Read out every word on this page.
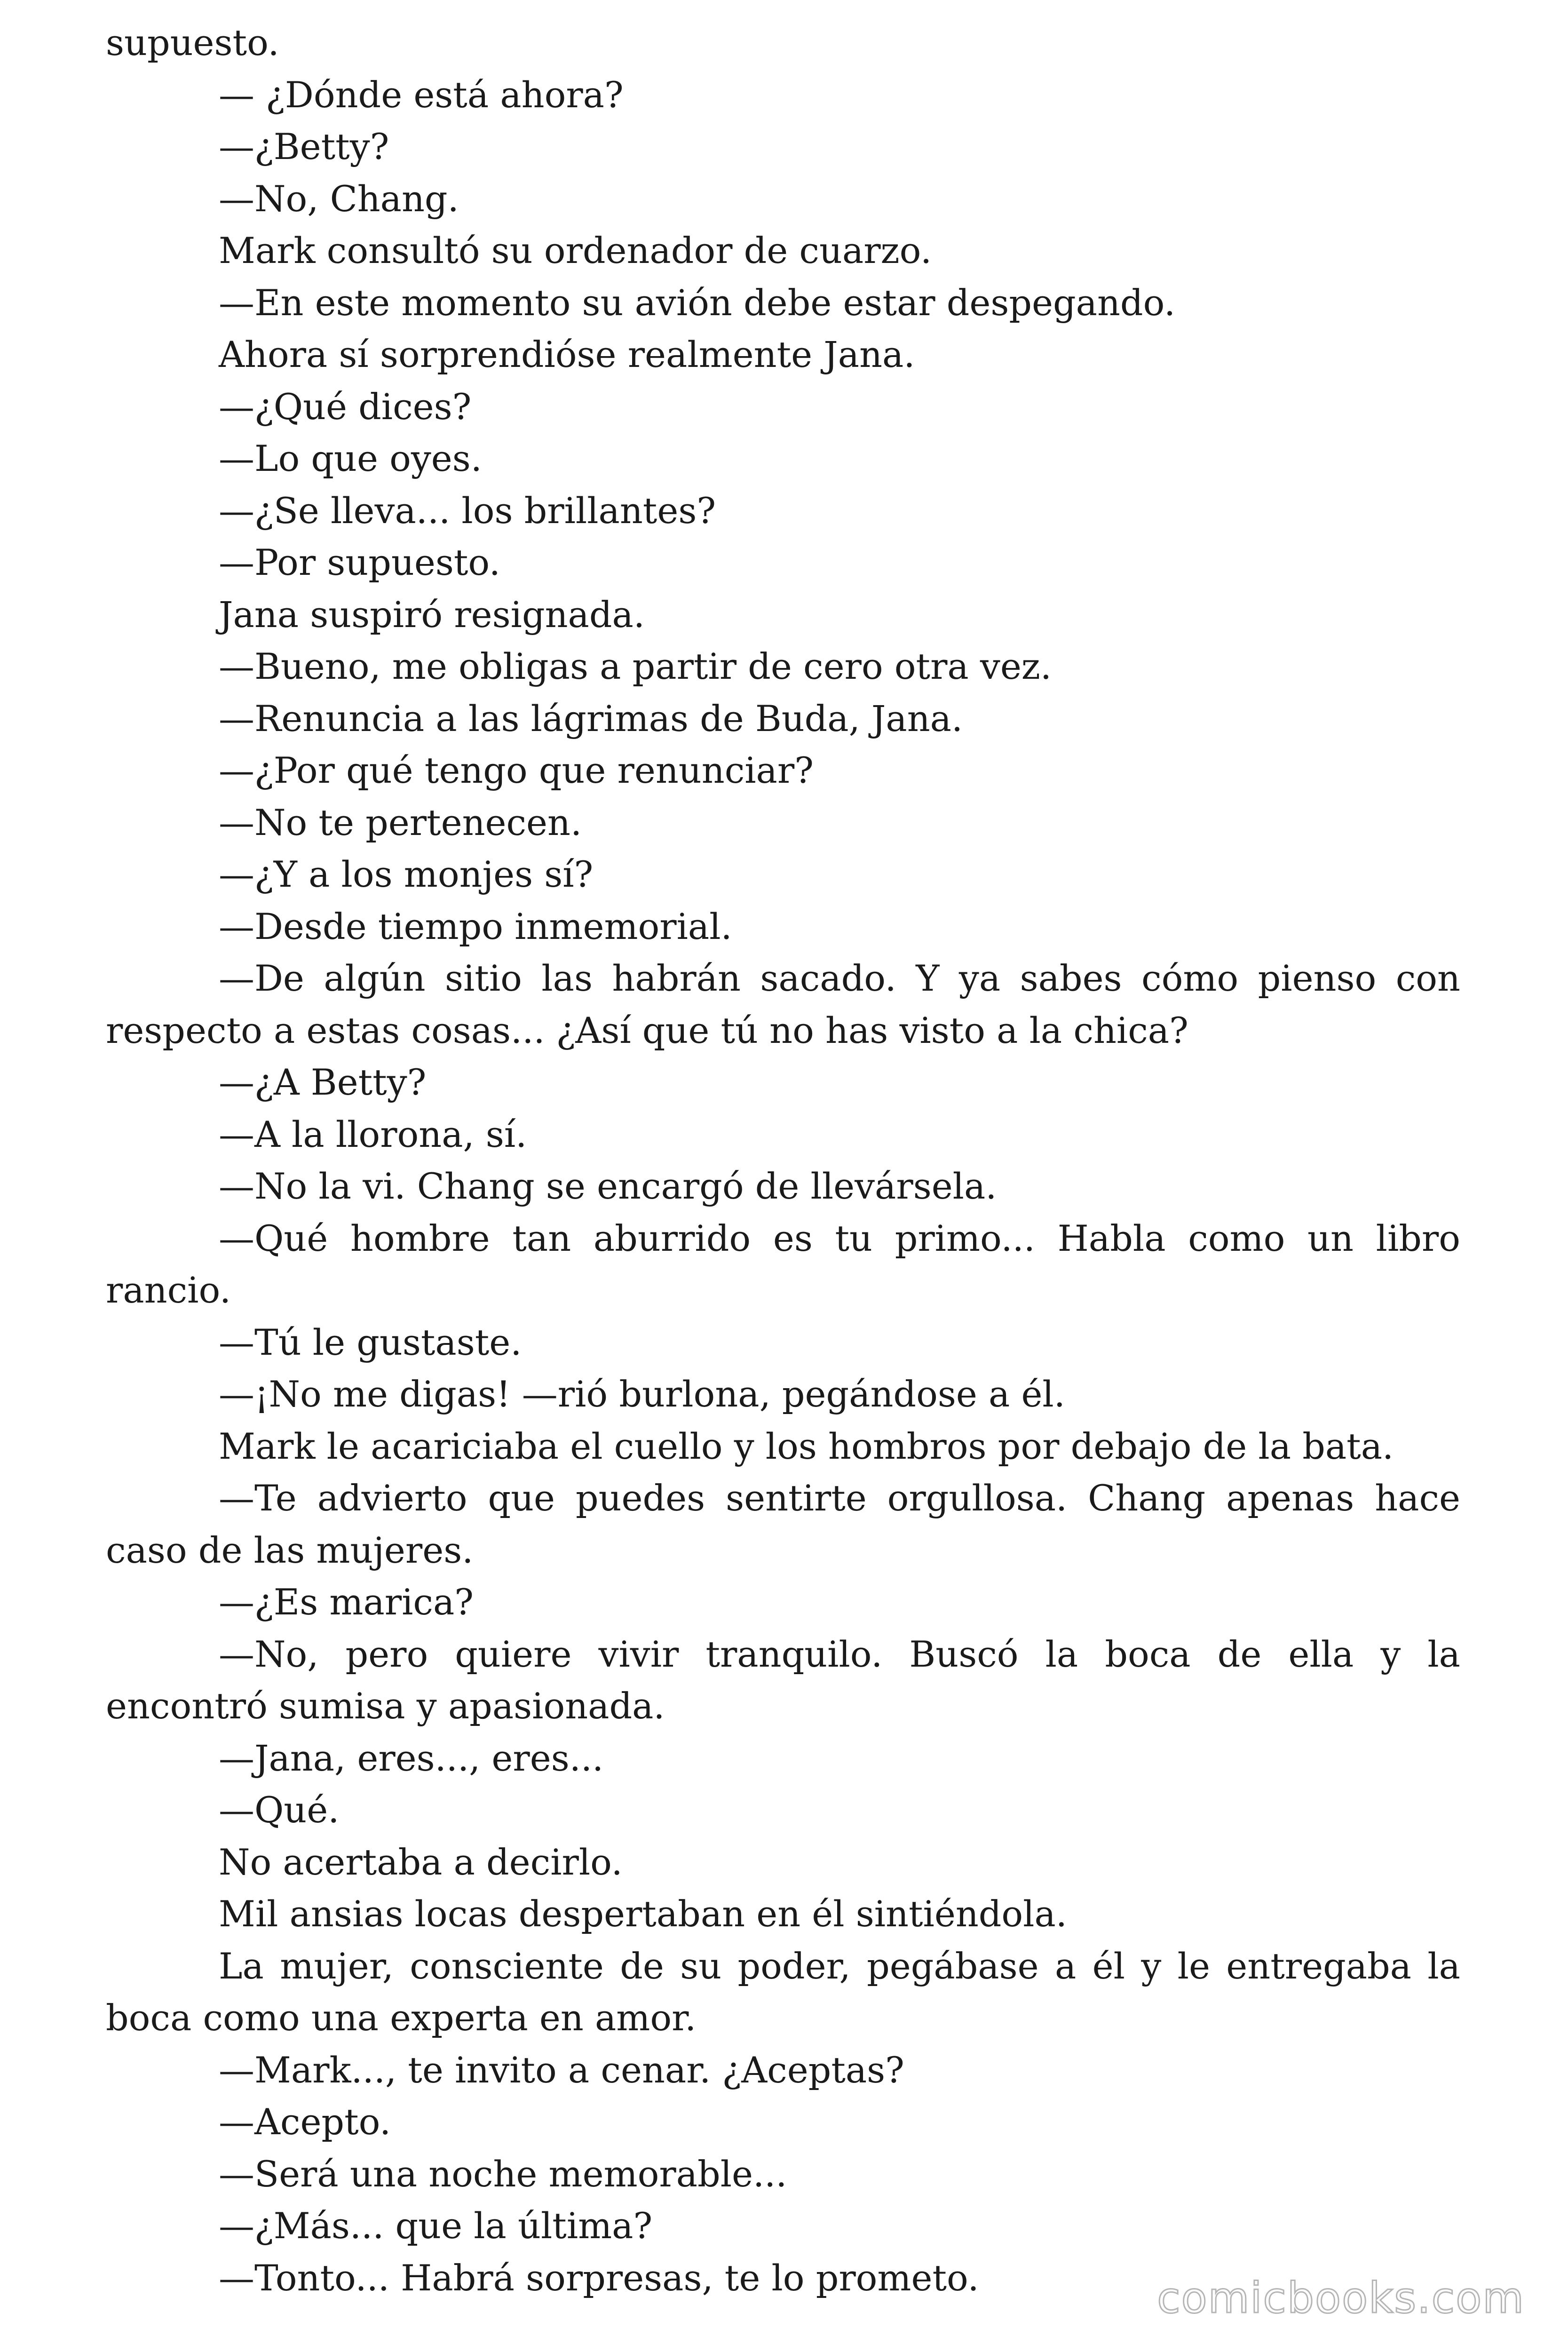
supuesto.

— ¿Dónde está ahora?

—¿Betty?

—No, Chang.

Mark consultó su ordenador de cuarzo.

—En este momento su avión debe estar despegando.

Ahora sí sorprendióse realmente Jana.

—¿Qué dices?

—Lo que oyes.

—¿Se lleva... los brillantes?

—Por supuesto.

Jana suspiró resignada.

—Bueno, me obligas a partir de cero otra vez.

—Renuncia a las lágrimas de Buda, Jana.

—¿Por qué tengo que renunciar?

—No te pertenecen.

—¿Y a los monjes sí?

—Desde tiempo inmemorial.

—De algún sitio las habrán sacado. Y ya sabes cómo pienso con respecto a estas cosas... ¿Así que tú no has visto a la chica?

—¿A Betty?

—A la llorona, sí.

—No la vi. Chang se encargó de llevársela.

—Qué hombre tan aburrido es tu primo... Habla como un libro rancio.

—Tú le gustaste.

—¡No me digas! —rió burlona, pegándose a él.

Mark le acariciaba el cuello y los hombros por debajo de la bata.

—Te advierto que puedes sentirte orgullosa. Chang apenas hace caso de las mujeres.

—¿Es marica?

—No, pero quiere vivir tranquilo. Buscó la boca de ella y la encontró sumisa y apasionada.

—Jana, eres..., eres...

—Qué.

No acertaba a decirlo.

Mil ansias locas despertaban en él sintiéndola.

La mujer, consciente de su poder, pegábase a él y le entregaba la boca como una experta en amor.

—Mark..., te invito a cenar. ¿Aceptas?

—Acepto.

—Será una noche memorable...

—¿Más... que la última?

—Tonto... Habrá sorpresas, te lo prometo.	comicbooks.com
